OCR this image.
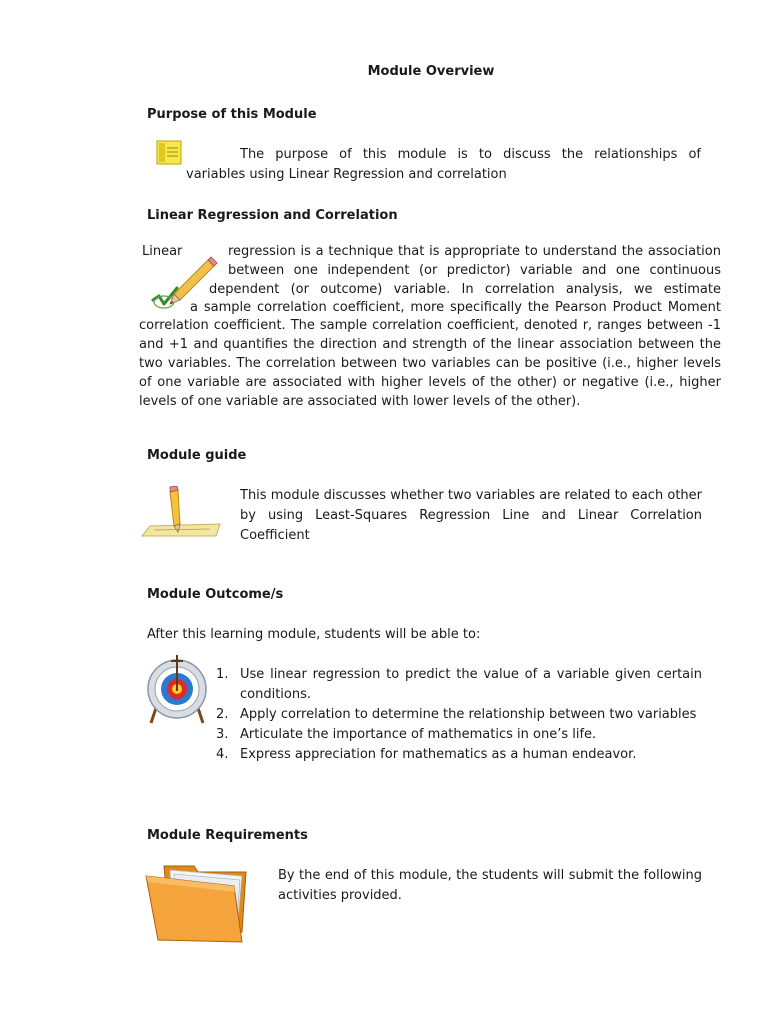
Module Overview
Purpose of this Module
The purpose of this module is to discuss the relationships of
variables using Linear Regression and correlation
Linear Regression and Correlation
Linear	regression is a technique that is appropriate to understand the association
between one independent (or predictor) variable and one continuous
dependent (or outcome) variable. In correlation analysis, we estimate
a sample correlation coefficient, more specifically the Pearson Product Moment
correlation coefficient. The sample correlation coefficient, denoted r, ranges between -1 and +1 and quantifies the direction and strength of the linear association between the two variables. The correlation between two variables can be positive (i.e., higher levels of one variable are associated with higher levels of the other) or negative (i.e., higher levels of one variable are associated with lower levels of the other).
Module guide
This module discusses whether two variables are related to each other by using Least-Squares Regression Line and Linear Correlation Coefficient
Module Outcome/s
After this learning module, students will be able to:
1. Use linear regression to predict the value of a variable given certain conditions.
2. Apply correlation to determine the relationship between two variables
3. Articulate the importance of mathematics in one’s life.
4. Express appreciation for mathematics as a human endeavor.
Module Requirements
By the end of this module, the students will submit the following activities provided.
